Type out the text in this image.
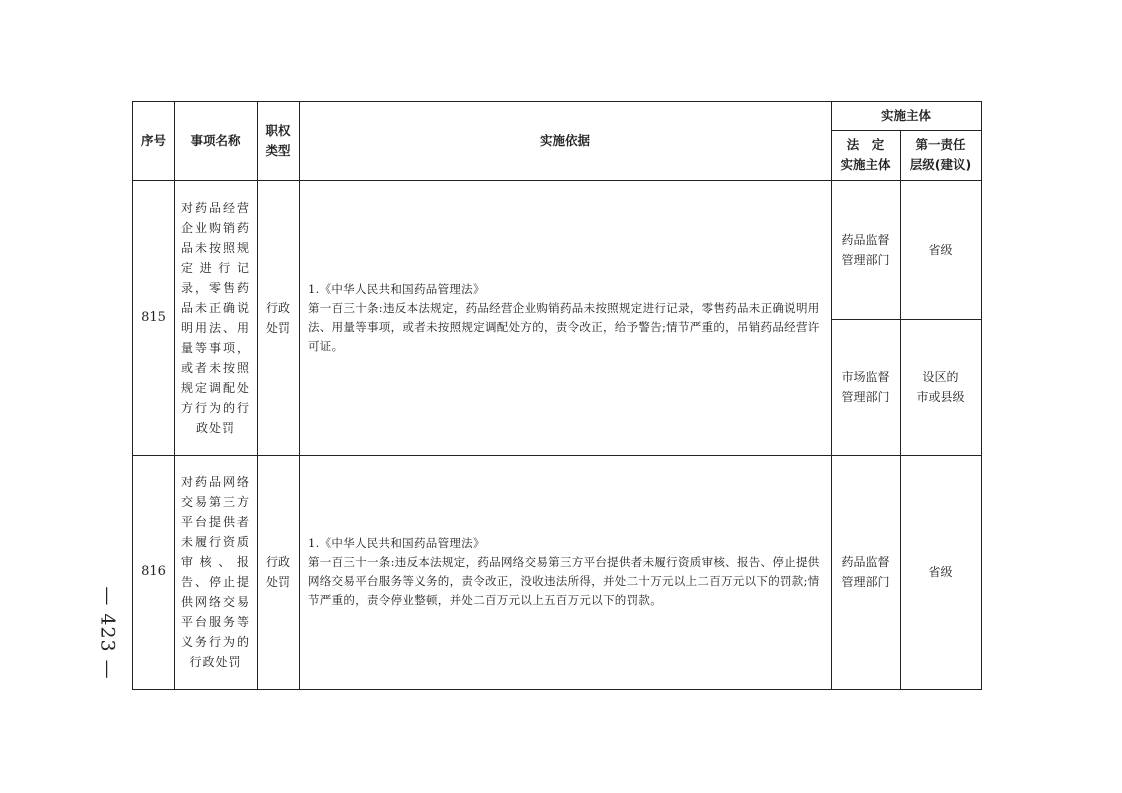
序号	事项名称
职权
类型
实施依据
实施主体
法　定
实施主体
第一责任
层级(建议)
815
对药品经营企业购销药品未按照规定进行记录，零售药品未正确说明用法、用量等事项，或者未按照规定调配处方行为的行政处罚
行政
处罚
1.《中华人民共和国药品管理法》
第一百三十条:违反本法规定，药品经营企业购销药品未按照规定进行记录，零售药品未正确说明用法、用量等事项，或者未按照规定调配处方的，责令改正，给予警告;情节严重的，吊销药品经营许可证。
药品监督
管理部门
省级
市场监督
管理部门
设区的
市或县级
816
对药品网络交易第三方平台提供者未履行资质审核、报告、停止提供网络交易平台服务等义务行为的行政处罚
行政
处罚
1.《中华人民共和国药品管理法》
第一百三十一条:违反本法规定，药品网络交易第三方平台提供者未履行资质审核、报告、停止提供网络交易平台服务等义务的，责令改正，没收违法所得，并处二十万元以上二百万元以下的罚款;情节严重的，责令停业整顿，并处二百万元以上五百万元以下的罚款。
药品监督
管理部门
省级
— 423 —
